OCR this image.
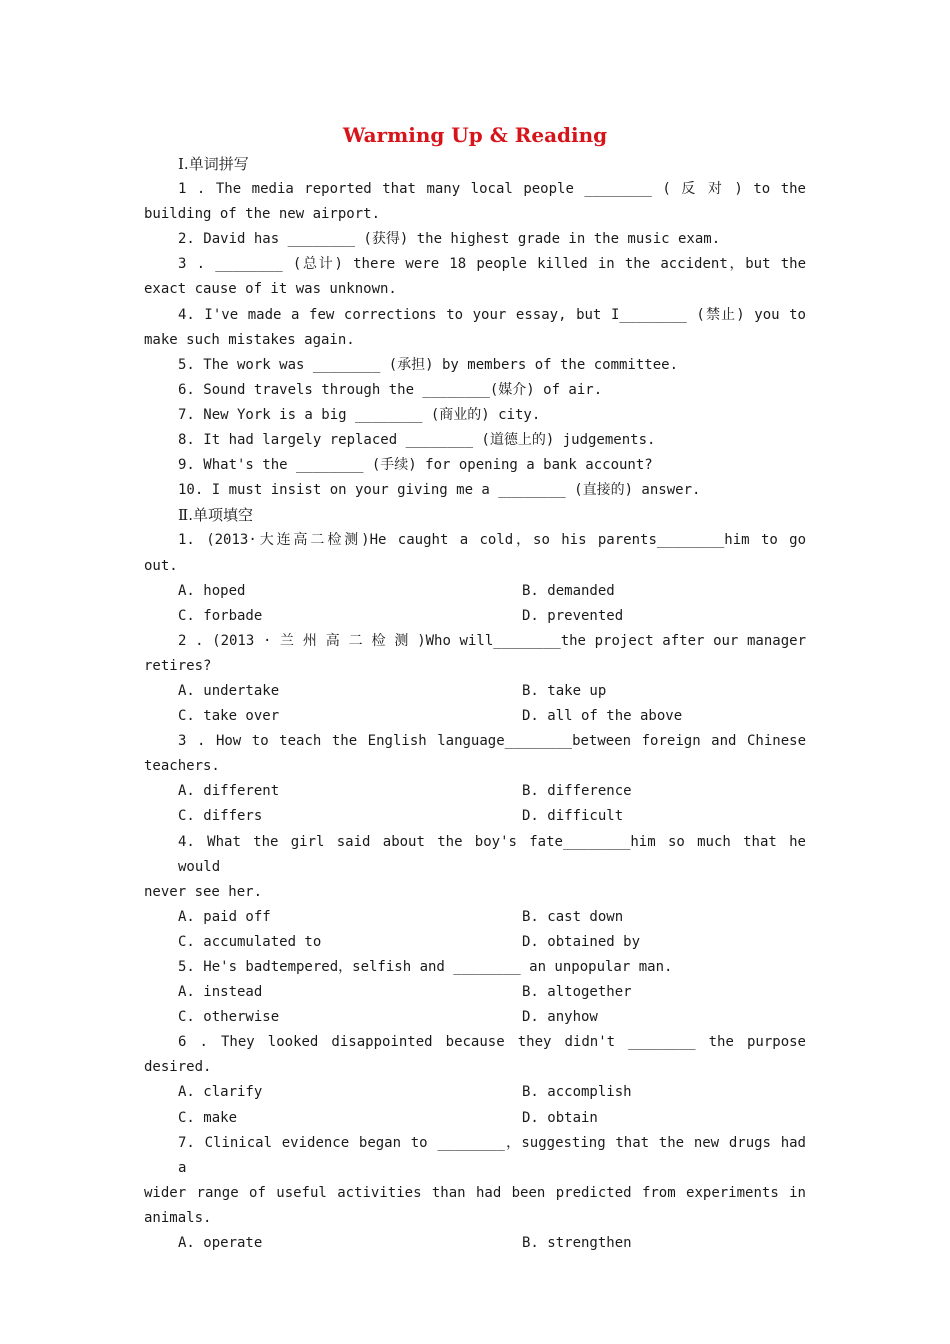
Warming Up & Reading
Ⅰ.单词拼写
1 . The media reported that many local people ________ ( 反 对 ) to the
building of the new airport.
2. David has ________ (获得) the highest grade in the music exam.
3 . ________ (总计) there were 18 people killed in the accident，but the
exact cause of it was unknown.
4. I've made a few corrections to your essay, but I________ (禁止) you to
make such mistakes again.
5. The work was ________ (承担) by members of the committee.
6. Sound travels through the ________(媒介) of air.
7. New York is a big ________ (商业的) city.
8. It had largely replaced ________ (道德上的) judgements.
9. What's the ________ (手续) for opening a bank account?
10. I must insist on your giving me a ________ (直接的) answer.
Ⅱ.单项填空
1. (2013·大连高二检测)He caught a cold，so his parents________him to go
out.
A. hoped	B. demanded
C. forbade	D. prevented
2 . (2013 · 兰 州 高 二 检 测 )Who will________the project after our manager
retires?
A. undertake	B. take up
C. take over	D. all of the above
3 . How to teach the English language________between foreign and Chinese
teachers.
A. different	B. difference
C. differs	D. difficult
4. What the girl said about the boy's fate________him so much that he would
never see her.
A. paid off	B. cast down
C. accumulated to	D. obtained by
5. He's badtempered，selfish and ________ an unpopular man.
A. instead	B. altogether
C. otherwise	D. anyhow
6 . They looked disappointed because they didn't ________ the purpose
desired.
A. clarify	B. accomplish
C. make	D. obtain
7. Clinical evidence began to ________，suggesting that the new drugs had a
wider range of useful activities than had been predicted from experiments in
animals.
A. operate	B. strengthen
